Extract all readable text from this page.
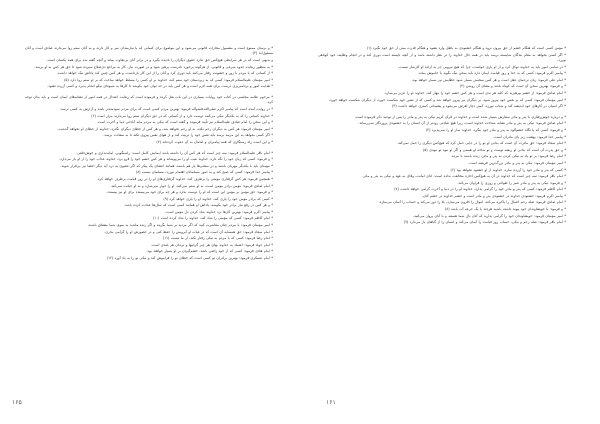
* و برسان ممنوع است و مشمول مجازات قانونی می‌شود و این موضوع برای کسانی که با نیازمندان سر و کار دارند و به آنان ستم روا می‌دارند صادق است و آنان مسئول‌اند (۴)

و بدیهی است که در هر شرایطی هیچ‌کس حق ندارد حقوق دیگران را نادیده بگیرد و در برابر آنان بی‌تفاوت بماند و آنچه گفته شد برای همه یکسان است.

* به منظور رعایت حدود شرعی و قانونی، از هرگونه برخورد نادرست پرهیز شود و در صورت نیاز، کار به مراجع ذی‌صلاح سپرده شود تا حق هر کس به او برسد.

* از کسانی که با مردم با زور و خشونت رفتار می‌کنند باید دوری کرد و آنان را از این کار بازداشت، و هر کس چنین کند پاداش نیک خواهد داشت.

* امیر مؤمنان علیه‌السلام فرمود: کسی که به زیردستان خود ستم کند، خداوند بر او کسی را مسلط خواهد ساخت که بر او ستم روا دارد (۵)

* هدایت امور و برنامه‌ریزی درست برای همه لازم است و هر کس باید در حد توان خود بکوشد تا کارها به شیوه‌ای نیکو انجام پذیرد و کسی آزرده نشود.

* مرحوم علامه مجلسی در کتاب خود روایات بسیاری در این باب نقل کرده و فرموده است که رعایت اعتدال در همه امور از نشانه‌های ایمان است و باید بدان توجه کرد.

* در روایت آمده است که پیامبر اکرم صلی‌الله‌علیه‌وآله فرمود: بهترین مردم کسی است که برای مردم سودمندتر باشد و آزارش به کسی نرسد.

* خداوند کسانی را که به یکدیگر نیکی می‌کنند دوست دارد و از کسانی که در حق دیگران ستم روا می‌دارند بیزار است (۶)

* و این سخن را امام صادق علیه‌السلام نیز تأیید فرموده و گفته است که نیکی به مردم مایه آبادانی دنیا و آخرت است.

* امیر مؤمنان فرمود: هر کس به دیگران رحم نکند، به او رحم نخواهد شد، و هر کس از خطای دیگران نگذرد، خداوند از خطای او نخواهد گذشت.

* اگر کسی بخواهد به این مرتبه برسد باید نفس خود را تربیت کند و از هوای نفس پیروی نکند تا به سعادت برسد.

* و این است راه رستگاری که همه پیامبران و امامان به آن دعوت کرده‌اند (۷)

* امام باقر علیه‌السلام فرمود: سه چیز است که هر کس آن را داشته باشد ایمانش کامل است: راستگویی، امانت‌داری و خوش‌خلقی.

* و فرمود: کسی که زبان خود را نگه دارد، خداوند عیب او را می‌پوشاند و هر کس خشم خود را فرو برد، خداوند عذاب خود را از او باز می‌دارد.

* مؤمنان باید با یکدیگر مهربان باشند و در سختی‌ها یار هم باشند، همانند اعضای یک پیکر که اگر عضوی به درد آید دیگر اعضا نیز بی‌قرار شوند.

* پیامبر خدا فرمود: کسی که صبح کند و به امور مسلمانان اهتمام نورزد، مسلمان نیست (۸)

* همچنین فرمود: هر کس گرفتاری مؤمنی را برطرف کند، خداوند گرفتاری‌های او را در روز قیامت برطرف خواهد کرد.

* امام صادق فرمود: مؤمن برادر مؤمن است، به او ستم نمی‌کند، او را خوار نمی‌سازد و به او خیانت نمی‌کند.

* و فرمود: حق مؤمن بر مؤمن این است که او را دوست بدارد و هر چه برای خود می‌پسندد برای او نیز بپسندد.

* کسی که برادر مؤمن خود را یاری کند، خداوند او را یاری خواهد کرد (۹)

* و هر کس در رفع نیاز برادر خود بکوشد، پاداش او همانند کسی است که سال‌ها عبادت کرده باشد.

* پیامبر اکرم فرمود: بهترین کارها نزد خداوند شاد کردن دل مؤمن است.

* امام کاظم فرمود: کسی که مؤمنی را شاد کند، خداوند را شاد کرده است (۱۰)

* امیر مؤمنان فرمود: با مردم چنان معاشرت کنید که اگر مردید بر شما بگریند و اگر زنده ماندید به سوی شما مشتاق باشند.

* امام سجاد فرمود: حق همسایه آن است که در غیاب او آبرویش را حفظ کنی و در حضورش او را گرامی بداری.

* امام رضا فرمود: کسی که با مردم به نیکی رفتار نکند، از ما نیست (۱۱)

* امام جواد فرمود: اعتماد به خداوند بهای هر چیز گرانبها و نردبان هر بلندی است.

* امام هادی فرمود: کسی که از خود راضی باشد، خشم‌گیران بر او بسیار خواهند بود.

* امام عسکری فرمود: بهترین برادران تو کسی است که خطای تو را فراموش کند و نیکی تو را به یاد آورد (۱۲)

* مؤمن کسی است که هنگام خشم از حق بیرون نرود و هنگام خشنودی به باطل وارد نشود و هنگام قدرت بیش از حق خود نگیرد (۱)

* اگر کسی بخواهد به مقام بندگان شایسته برسد باید در همه حال خداوند را در نظر داشته باشد و از آنچه ناپسند است دوری کند و در انجام وظایف خود کوتاهی نورزد.

* در تمامی امور باید به خداوند توکل کرد و از او یاری خواست، چرا که هیچ نیرویی جز به اراده او کارساز نیست.

* پیامبر اکرم فرمود: کسی که به خدا و روز قیامت ایمان دارد باید سخن نیک بگوید یا خاموش بماند.

* امام علی فرمود: زبان ترجمان عقل است و هر کس سخنش بسیار شود خطایش نیز بسیار خواهد بود.

* و فرمود: بهترین سخن آن است که کوتاه باشد و معنای آن روشن (۲)

* امام صادق فرمود: از خشم بپرهیزید که کلید هر بدی است و هر کس خشم خود را مهار کند، خداوند او را عزیز می‌سازد.

* امیر مؤمنان فرمود: کسی که بر نفس خود پیروز شود، بر دیگران نیز پیروز خواهد شد و کسی که از نفس خود شکست خورد، از دیگران شکست خواهد خورد.

* اگر انسان در کارهای خود اندیشه کند و شتاب نورزد، کمتر دچار لغزش می‌شود و پشیمانی کمتری خواهد داشت (۳)

* و درباره خوش‌رفتاری با پدر و مادر سفارش بسیار شده است و خداوند در قرآن کریم نیکی به پدر و مادر را پس از توحید ذکر فرموده است.

* امام صادق فرمود: نیکی به پدر و مادر نشانه شناخت خداوند است، زیرا هیچ عبادتی زودتر از آن انسان را به خشنودی پروردگار نمی‌رساند.

* و فرمود: کسی که با نگاه خشم‌آلود به پدر و مادر خود بنگرد، خداوند نماز او را نمی‌پذیرد (۴)

* پیامبر خدا فرمود: بهشت زیر پای مادران است.

* امام سجاد فرمود: حق مادرت آن است که بدانی او تو را در جایی حمل کرد که هیچ‌کس دیگری را حمل نمی‌کند.

* و حق پدرت آن است که بدانی او ریشه توست و تو شاخه او هستی و اگر او نبود تو نبودی (۵)

* امام رضا فرمود: بر تو باد به نیکی کردن به پدر و مادر، زنده باشند یا مرده.

* امیر مؤمنان فرمود: نیکی به پدر و مادر بزرگ‌ترین فریضه است.

* کسی که پدر و مادر خود را آزرده سازد، خداوند از او خشنود نخواهد بود (۶)

* امام باقر فرمود: سه چیز است که خداوند در آن به هیچ‌کس اجازه مخالفت نداده است: ادای امانت، وفای به عهد و نیکی به پدر و مادر.

* و فرمود: نیکی به پدر و مادر عمر را طولانی و روزی را فراوان می‌کند.

* امام کاظم فرمود: کسی که پدر و مادر خود را گرامی بدارد، خداوند او را در دنیا و آخرت گرامی خواهد داشت (۷)

* پیامبر اکرم فرمود: خشنودی خداوند در خشنودی پدر و مادر است و خشم خداوند در خشم آنان.

* امام صادق فرمود: صله رحم اعمال را پاکیزه می‌کند، اموال را افزون می‌سازد، بلا را دور می‌کند و حساب را آسان می‌سازد.

* و فرمود: با خویشاوندان خود پیوند داشته باشید هرچند با یک جرعه آب باشد (۸)

* امیر مؤمنان فرمود: خویشاوندان خود را گرامی بدارید که آنان بال شما هستند و با آنان پرواز می‌کنید.

* امام باقر فرمود: صله رحم و نیکی، حساب روز قیامت را آسان می‌کند و انسان را از گناهان باز می‌دارد (۹)

۱۶۵	۱۶۱
